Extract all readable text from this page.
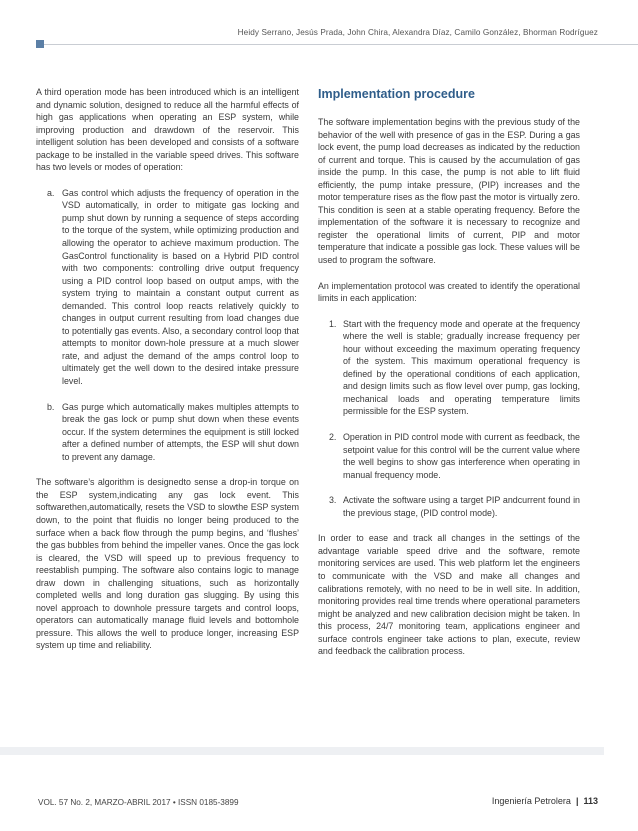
Heidy Serrano, Jesús Prada, John Chira, Alexandra Díaz, Camilo González, Bhorman Rodríguez

A third operation mode has been introduced which is an intelligent and dynamic solution, designed to reduce all the harmful effects of high gas applications when operating an ESP system, while improving production and drawdown of the reservoir. This intelligent solution has been developed and consists of a software package to be installed in the variable speed drives. This software has two levels or modes of operation:

a. Gas control which adjusts the frequency of operation in the VSD automatically, in order to mitigate gas locking and pump shut down by running a sequence of steps according to the torque of the system, while optimizing production and allowing the operator to achieve maximum production. The GasControl functionality is based on a Hybrid PID control with two components: controlling drive output frequency using a PID control loop based on output amps, with the system trying to maintain a constant output current as demanded. This control loop reacts relatively quickly to changes in output current resulting from load changes due to potentially gas events. Also, a secondary control loop that attempts to monitor down-hole pressure at a much slower rate, and adjust the demand of the amps control loop to ultimately get the well down to the desired intake pressure level.
b. Gas purge which automatically makes multiples attempts to break the gas lock or pump shut down when these events occur. If the system determines the equipment is still locked after a defined number of attempts, the ESP will shut down to prevent any damage.

The software’s algorithm is designedto sense a drop-in torque on the ESP system,indicating any gas lock event. This softwarethen,automatically, resets the VSD to slowthe ESP system down, to the point that fluidis no longer being produced to the surface when a back flow through the pump begins, and ‘flushes’ the gas bubbles from behind the impeller vanes. Once the gas lock is cleared, the VSD will speed up to previous frequency to reestablish pumping. The software also contains logic to manage draw down in challenging situations, such as horizontally completed wells and long duration gas slugging. By using this novel approach to downhole pressure targets and control loops, operators can automatically manage fluid levels and bottomhole pressure. This allows the well to produce longer, increasing ESP system up time and reliability.

Implementation procedure

The software implementation begins with the previous study of the behavior of the well with presence of gas in the ESP. During a gas lock event, the pump load decreases as indicated by the reduction of current and torque. This is caused by the accumulation of gas inside the pump. In this case, the pump is not able to lift fluid efficiently, the pump intake pressure, (PIP) increases and the motor temperature rises as the flow past the motor is virtually zero. This condition is seen at a stable operating frequency. Before the implementation of the software it is necessary to recognize and register the operational limits of current, PIP and motor temperature that indicate a possible gas lock. These values will be used to program the software.

An implementation protocol was created to identify the operational limits in each application:

1. Start with the frequency mode and operate at the frequency where the well is stable; gradually increase frequency per hour without exceeding the maximum operating frequency of the system. This maximum operational frequency is defined by the operational conditions of each application, and design limits such as flow level over pump, gas locking, mechanical loads and operating temperature limits permissible for the ESP system.
2. Operation in PID control mode with current as feedback, the setpoint value for this control will be the current value where the well begins to show gas interference when operating in manual frequency mode.
3. Activate the software using a target PIP andcurrent found in the previous stage, (PID control mode).

In order to ease and track all changes in the settings of the advantage variable speed drive and the software, remote monitoring services are used. This web platform let the engineers to communicate with the VSD and make all changes and calibrations remotely, with no need to be in well site. In addition, monitoring provides real time trends where operational parameters might be analyzed and new calibration decision might be taken. In this process, 24/7 monitoring team, applications engineer and surface controls engineer take actions to plan, execute, review and feedback the calibration process.

VOL. 57 No. 2, MARZO-ABRIL 2017 • ISSN 0185-3899	Ingeniería Petrolera | 113
